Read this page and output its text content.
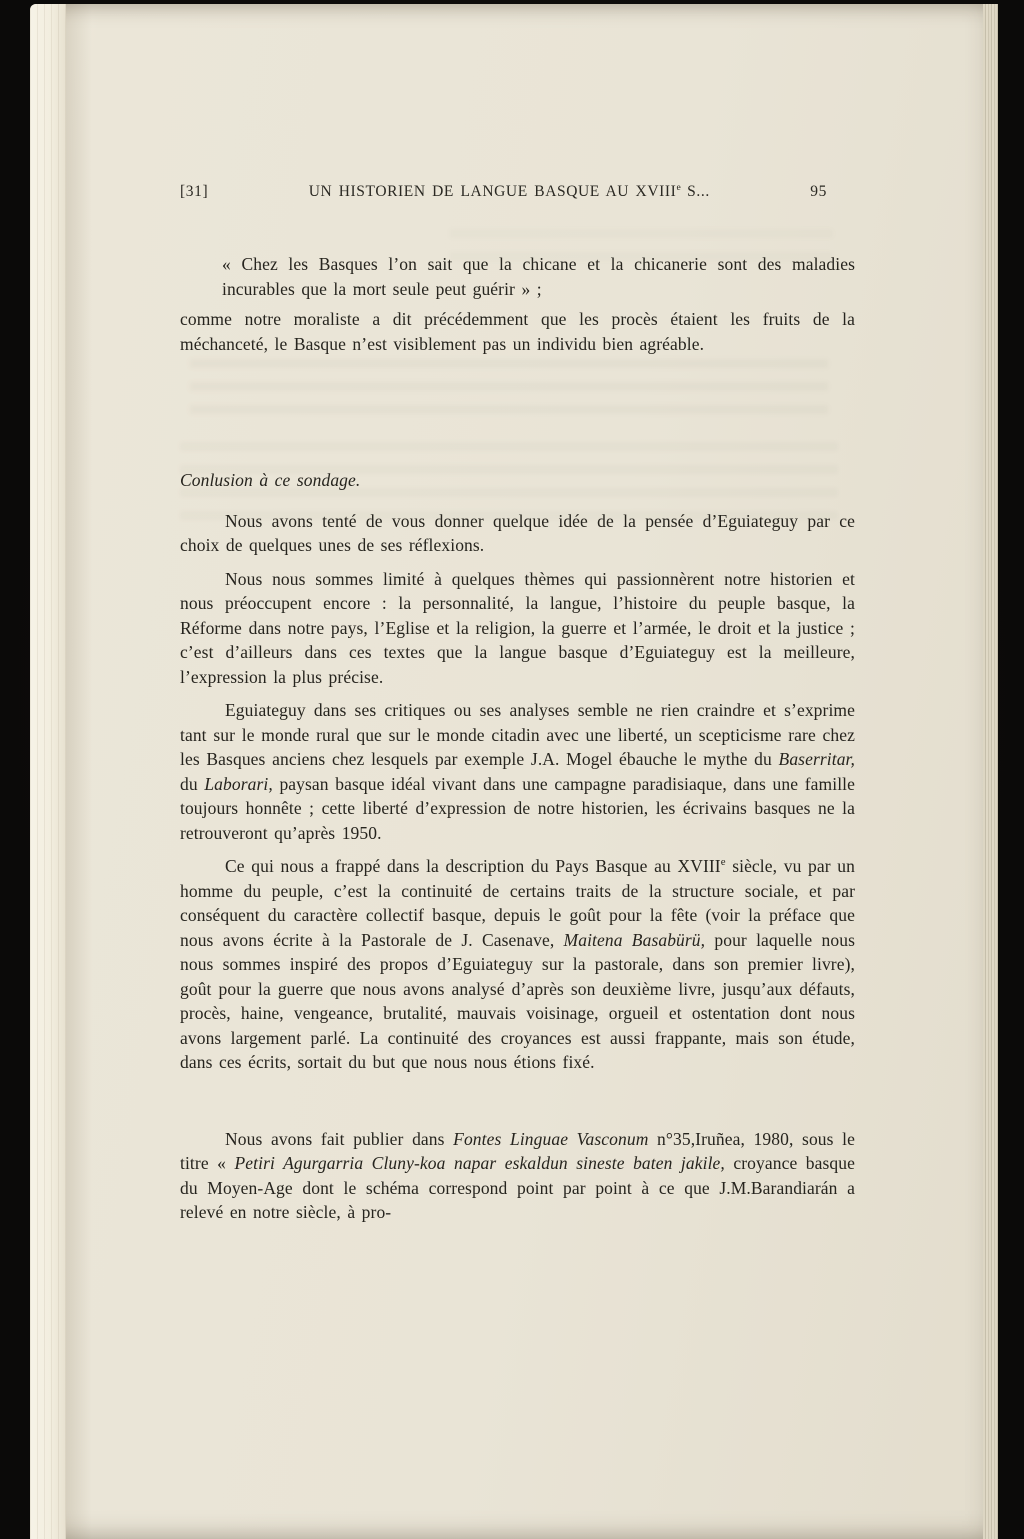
[31]	UN HISTORIEN DE LANGUE BASQUE AU XVIIIe S...	95

« Chez les Basques l’on sait que la chicane et la chicanerie sont des maladies incurables que la mort seule peut guérir » ;

comme notre moraliste a dit précédemment que les procès étaient les fruits de la méchanceté, le Basque n’est visiblement pas un individu bien agréable.

Conlusion à ce sondage.

Nous avons tenté de vous donner quelque idée de la pensée d’Eguiateguy par ce choix de quelques unes de ses réflexions.

Nous nous sommes limité à quelques thèmes qui passionnèrent notre historien et nous préoccupent encore : la personnalité, la langue, l’histoire du peuple basque, la Réforme dans notre pays, l’Eglise et la religion, la guerre et l’armée, le droit et la justice ; c’est d’ailleurs dans ces textes que la langue basque d’Eguiateguy est la meilleure, l’expression la plus précise.

Eguiateguy dans ses critiques ou ses analyses semble ne rien craindre et s’exprime tant sur le monde rural que sur le monde citadin avec une liberté, un scepticisme rare chez les Basques anciens chez lesquels par exemple J.A. Mogel ébauche le mythe du Baserritar, du Laborari, paysan basque idéal vivant dans une campagne paradisiaque, dans une famille toujours honnête ; cette liberté d’expression de notre historien, les écrivains basques ne la retrouveront qu’après 1950.

Ce qui nous a frappé dans la description du Pays Basque au XVIIIe siècle, vu par un homme du peuple, c’est la continuité de certains traits de la structure sociale, et par conséquent du caractère collectif basque, depuis le goût pour la fête (voir la préface que nous avons écrite à la Pastorale de J. Casenave, Maitena Basabürü, pour laquelle nous nous sommes inspiré des propos d’Eguiateguy sur la pastorale, dans son premier livre), goût pour la guerre que nous avons analysé d’après son deuxième livre, jusqu’aux défauts, procès, haine, vengeance, brutalité, mauvais voisinage, orgueil et ostentation dont nous avons largement parlé. La continuité des croyances est aussi frappante, mais son étude, dans ces écrits, sortait du but que nous nous étions fixé.

Nous avons fait publier dans Fontes Linguae Vasconum n°35,Iruñea, 1980, sous le titre « Petiri Agurgarria Cluny-koa napar eskaldun sineste baten jakile, croyance basque du Moyen-Age dont le schéma correspond point par point à ce que J.M.Barandiarán a relevé en notre siècle, à pro-
